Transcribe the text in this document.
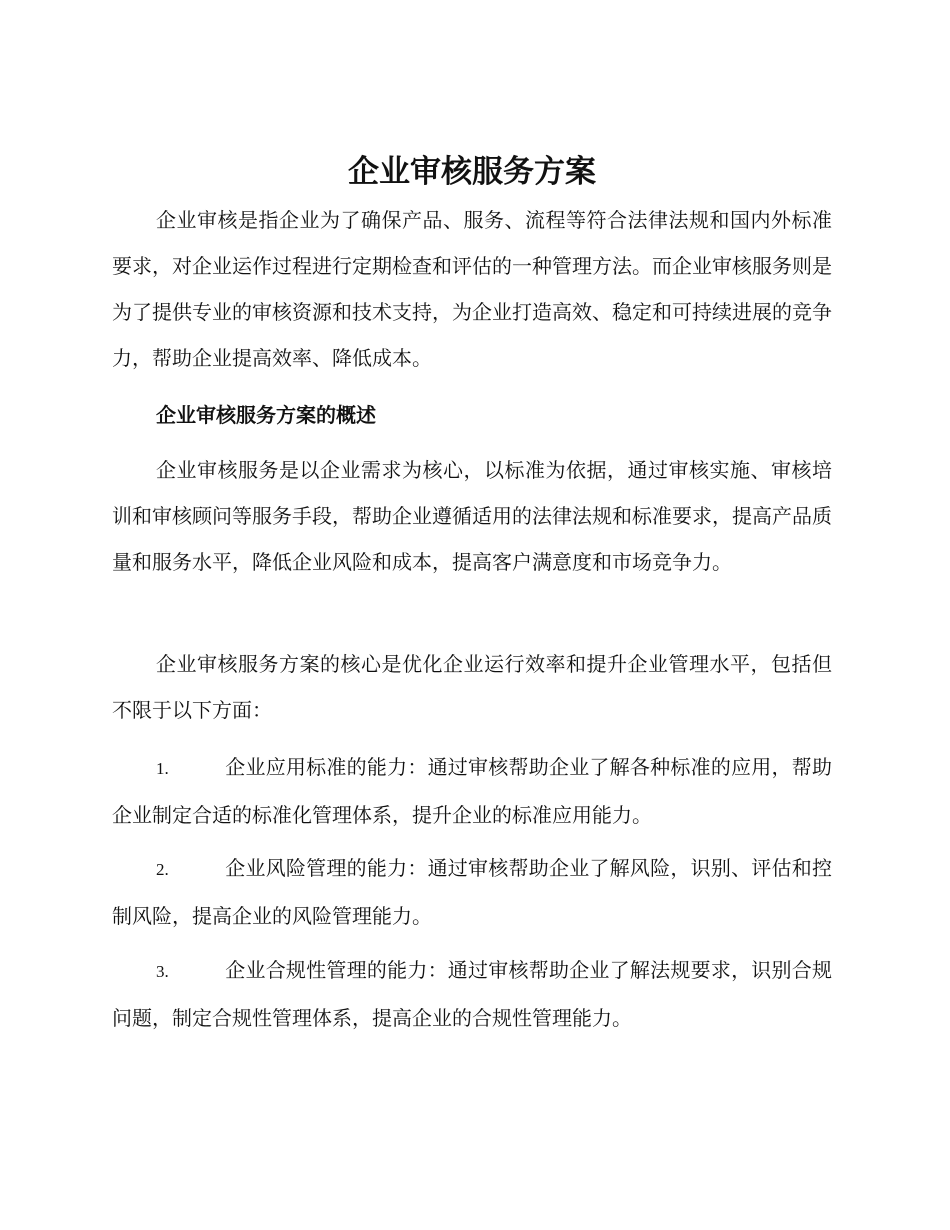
企业审核服务方案

企业审核是指企业为了确保产品、服务、流程等符合法律法规和国内外标准要求，对企业运作过程进行定期检查和评估的一种管理方法。而企业审核服务则是为了提供专业的审核资源和技术支持，为企业打造高效、稳定和可持续进展的竞争力，帮助企业提高效率、降低成本。

企业审核服务方案的概述

企业审核服务是以企业需求为核心，以标准为依据，通过审核实施、审核培训和审核顾问等服务手段，帮助企业遵循适用的法律法规和标准要求，提高产品质量和服务水平，降低企业风险和成本，提高客户满意度和市场竞争力。

企业审核服务方案的核心是优化企业运行效率和提升企业管理水平，包括但不限于以下方面：

1.	企业应用标准的能力：通过审核帮助企业了解各种标准的应用，帮助企业制定合适的标准化管理体系，提升企业的标准应用能力。

2.	企业风险管理的能力：通过审核帮助企业了解风险，识别、评估和控制风险，提高企业的风险管理能力。

3.	企业合规性管理的能力：通过审核帮助企业了解法规要求，识别合规问题，制定合规性管理体系，提高企业的合规性管理能力。
